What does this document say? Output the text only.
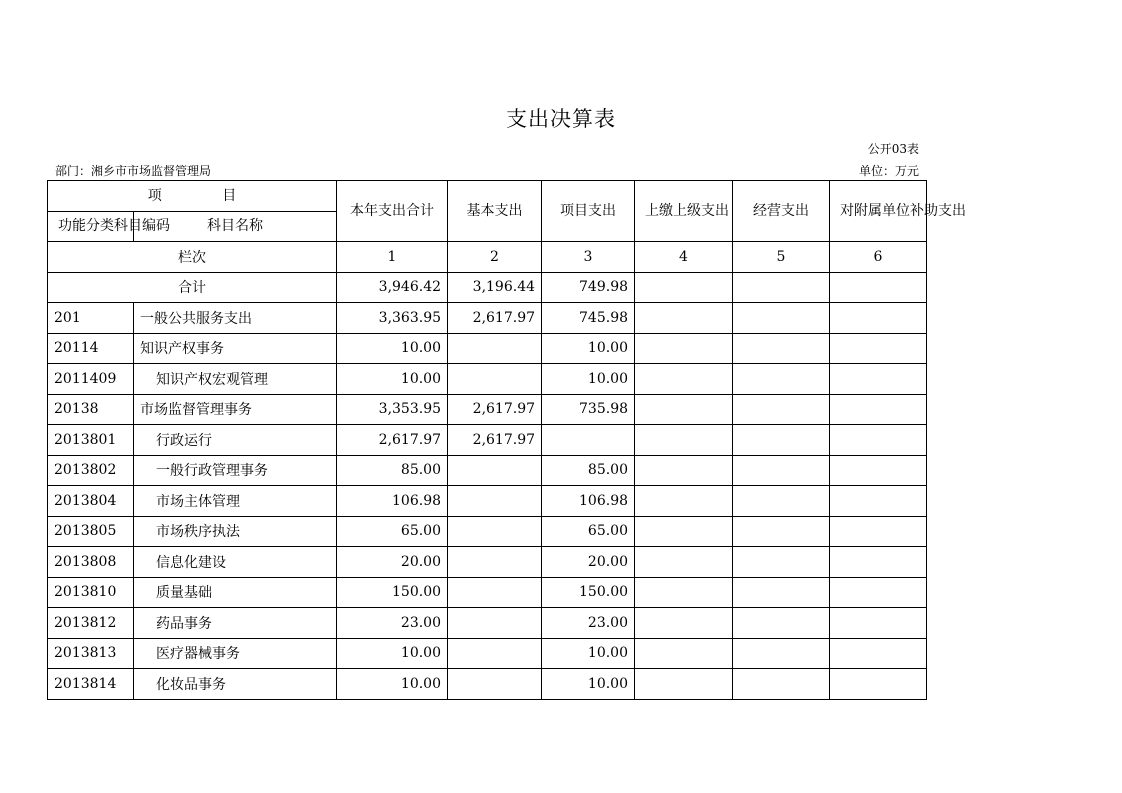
支出决算表
公开03表
部门：湘乡市市场监督管理局	单位：万元
项 目		本年支出合计	基本支出	项目支出	上缴上级支出	经营支出	对附属单位补助支出
功能分类科目编码	科目名称						
栏次		1	2	3	4	5	6
合计		3,946.42	3,196.44	749.98			
201	一般公共服务支出	3,363.95	2,617.97	745.98			
20114	知识产权事务	10.00		10.00			
2011409	知识产权宏观管理	10.00		10.00			
20138	市场监督管理事务	3,353.95	2,617.97	735.98			
2013801	行政运行	2,617.97	2,617.97				
2013802	一般行政管理事务	85.00		85.00			
2013804	市场主体管理	106.98		106.98			
2013805	市场秩序执法	65.00		65.00			
2013808	信息化建设	20.00		20.00			
2013810	质量基础	150.00		150.00			
2013812	药品事务	23.00		23.00			
2013813	医疗器械事务	10.00		10.00			
2013814	化妆品事务	10.00		10.00			
